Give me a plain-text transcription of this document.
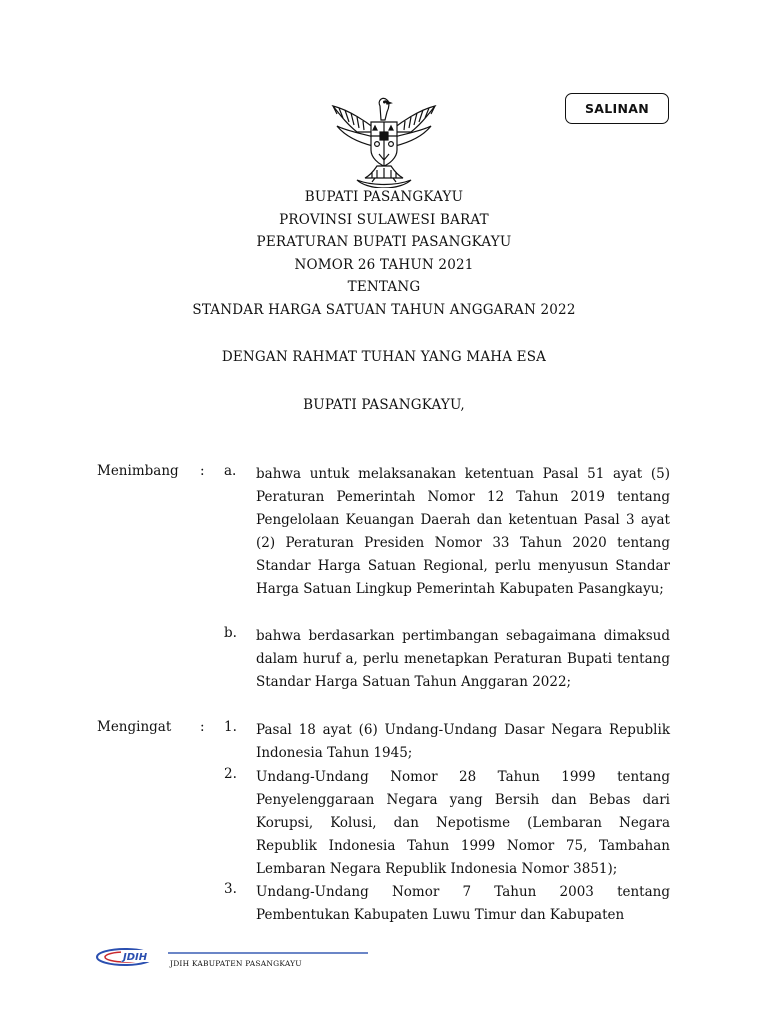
SALINAN
BUPATI PASANGKAYU
PROVINSI SULAWESI BARAT
PERATURAN BUPATI PASANGKAYU
NOMOR 26 TAHUN 2021
TENTANG
STANDAR HARGA SATUAN TAHUN ANGGARAN 2022
DENGAN RAHMAT TUHAN YANG MAHA ESA
BUPATI PASANGKAYU,
Menimbang : a. bahwa untuk melaksanakan ketentuan Pasal 51 ayat (5) Peraturan Pemerintah Nomor 12 Tahun 2019 tentang Pengelolaan Keuangan Daerah dan ketentuan Pasal 3 ayat (2) Peraturan Presiden Nomor 33 Tahun 2020 tentang Standar Harga Satuan Regional, perlu menyusun Standar Harga Satuan Lingkup Pemerintah Kabupaten Pasangkayu;
b. bahwa berdasarkan pertimbangan sebagaimana dimaksud dalam huruf a, perlu menetapkan Peraturan Bupati tentang Standar Harga Satuan Tahun Anggaran 2022;
Mengingat : 1. Pasal 18 ayat (6) Undang-Undang Dasar Negara Republik Indonesia Tahun 1945;
2. Undang-Undang Nomor 28 Tahun 1999 tentang Penyelenggaraan Negara yang Bersih dan Bebas dari Korupsi, Kolusi, dan Nepotisme (Lembaran Negara Republik Indonesia Tahun 1999 Nomor 75, Tambahan Lembaran Negara Republik Indonesia Nomor 3851);
3. Undang-Undang Nomor 7 Tahun 2003 tentang Pembentukan Kabupaten Luwu Timur dan Kabupaten
JDIH
JDIH KABUPATEN PASANGKAYU
